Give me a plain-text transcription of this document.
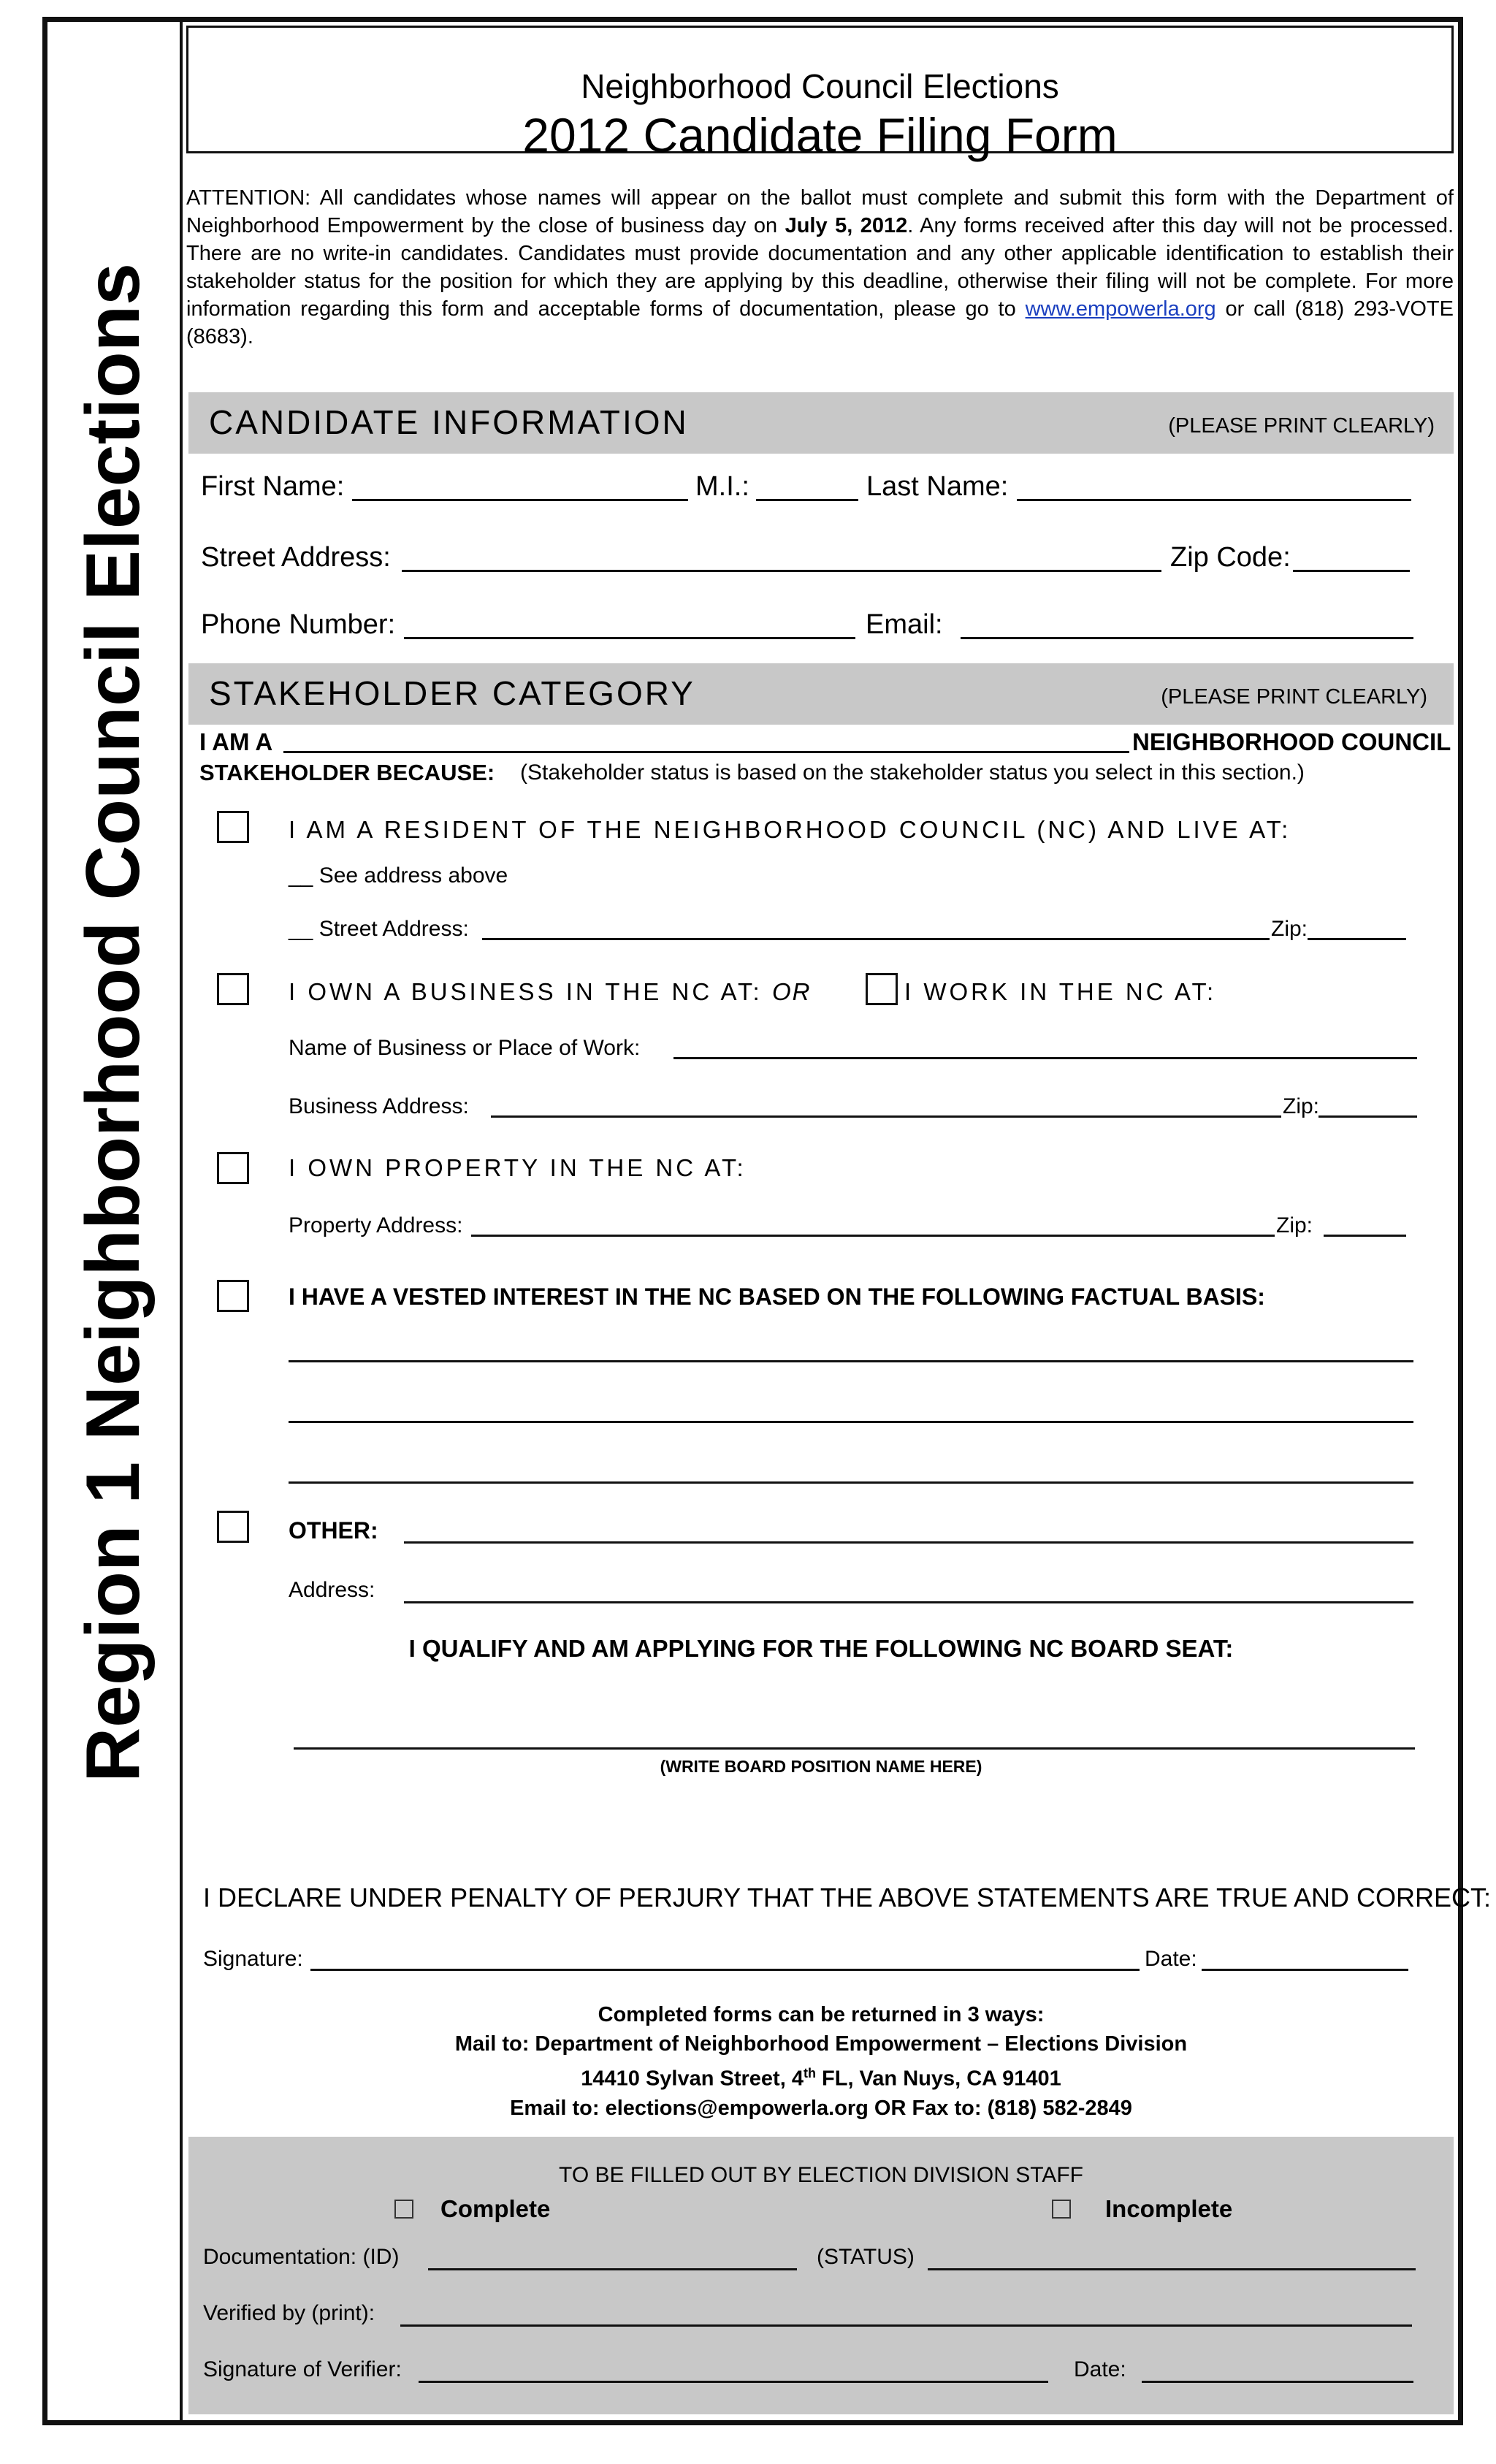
Region 1 Neighborhood Council Elections
Neighborhood Council Elections
2012 Candidate Filing Form
ATTENTION: All candidates whose names will appear on the ballot must complete and submit this form with the Department of Neighborhood Empowerment by the close of business day on July 5, 2012. Any forms received after this day will not be processed. There are no write-in candidates. Candidates must provide documentation and any other applicable identification to establish their stakeholder status for the position for which they are applying by this deadline, otherwise their filing will not be complete. For more information regarding this form and acceptable forms of documentation, please go to www.empowerla.org or call (818) 293-VOTE (8683).
CANDIDATE INFORMATION	(PLEASE PRINT CLEARLY)
First Name:	M.I.:	Last Name:
Street Address:	Zip Code:
Phone Number:	Email:
STAKEHOLDER CATEGORY	(PLEASE PRINT CLEARLY)
I AM A	NEIGHBORHOOD COUNCIL
STAKEHOLDER BECAUSE: (Stakeholder status is based on the stakeholder status you select in this section.)
I AM A RESIDENT OF THE NEIGHBORHOOD COUNCIL (NC) AND LIVE AT:
__ See address above
__ Street Address:	Zip:
I OWN A BUSINESS IN THE NC AT: OR	I WORK IN THE NC AT:
Name of Business or Place of Work:
Business Address:	Zip:
I OWN PROPERTY IN THE NC AT:
Property Address:	Zip:
I HAVE A VESTED INTEREST IN THE NC BASED ON THE FOLLOWING FACTUAL BASIS:
OTHER:
Address:
I QUALIFY AND AM APPLYING FOR THE FOLLOWING NC BOARD SEAT:
(WRITE BOARD POSITION NAME HERE)
I DECLARE UNDER PENALTY OF PERJURY THAT THE ABOVE STATEMENTS ARE TRUE AND CORRECT:
Signature:	Date:
Completed forms can be returned in 3 ways:
Mail to: Department of Neighborhood Empowerment – Elections Division
14410 Sylvan Street, 4th FL, Van Nuys, CA 91401
Email to: elections@empowerla.org OR Fax to: (818) 582-2849
TO BE FILLED OUT BY ELECTION DIVISION STAFF
Complete	Incomplete
Documentation: (ID)	(STATUS)
Verified by (print):
Signature of Verifier:	Date:
